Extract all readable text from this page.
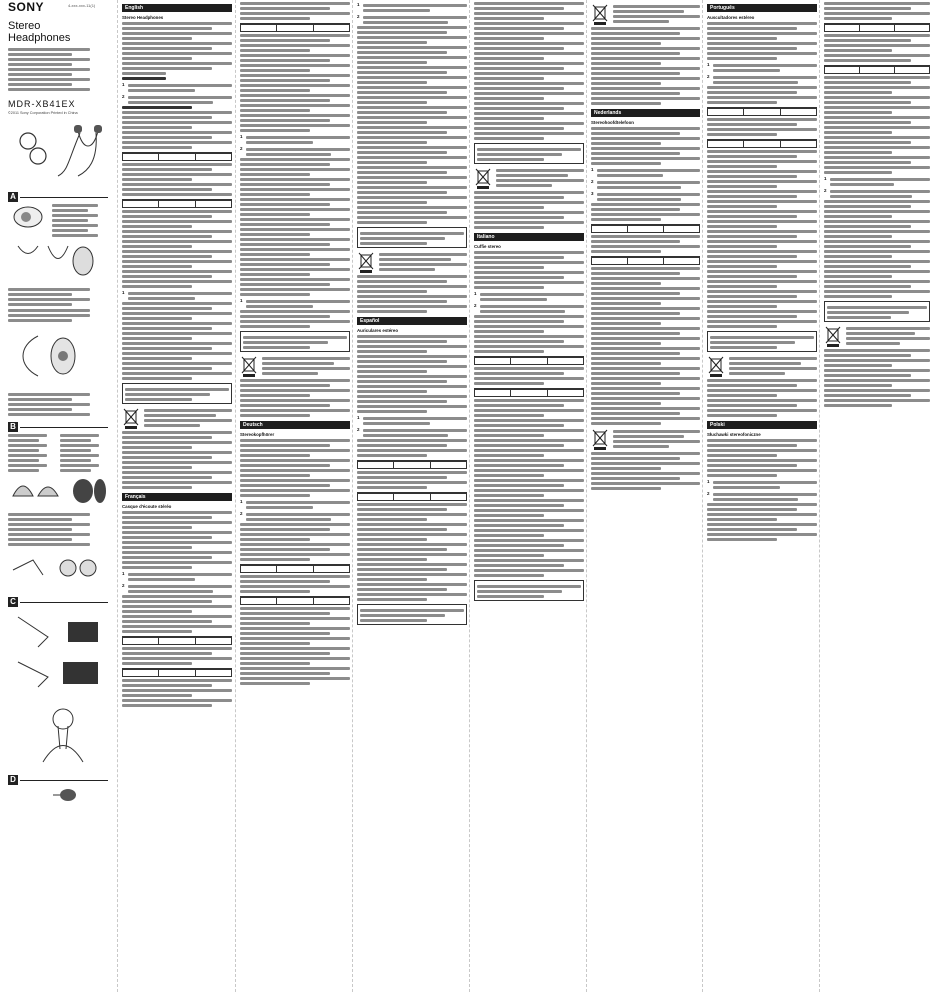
SONY	4-xxx-xxx-11(1)
Stereo
Headphones
MDR-XB41EX
©2011 Sony Corporation Printed in China
A
B
C

D
English
Stereo Headphones
1
2
1
Français
Casque d'écoute stéréo
1
2
1
2
1
Deutsch
Stereokopfhörer
1
2
1
2
Español
Auriculares estéreo
1
2
Italiano
Cuffie stereo
1
2
Nederlands
Stereohoofdtelefoon
1
2
3
Português
Auscultadores estéreo
1
2
Polski
Słuchawki stereofoniczne
1
2
1
2
